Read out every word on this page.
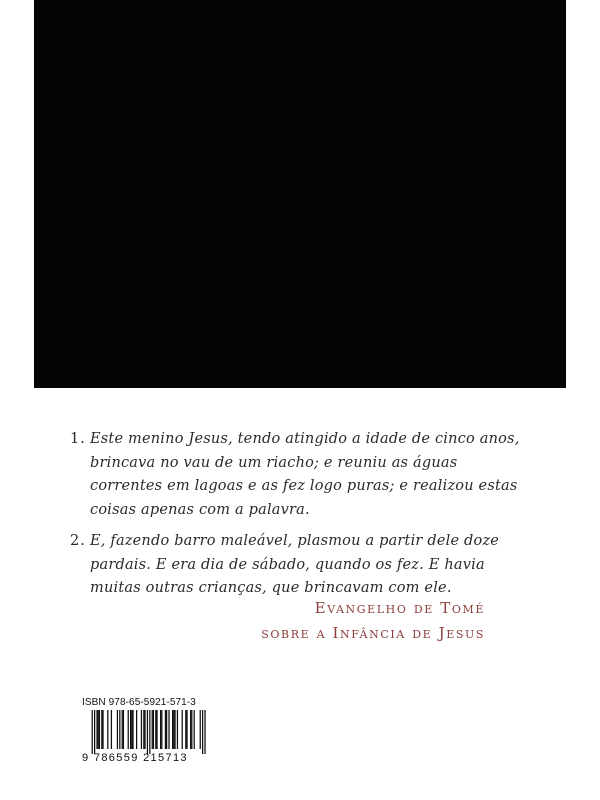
1. Este menino Jesus, tendo atingido a idade de cinco anos, brincava no vau de um riacho; e reuniu as águas correntes em lagoas e as fez logo puras; e realizou estas coisas apenas com a palavra.
2. E, fazendo barro maleável, plasmou a partir dele doze pardais. E era dia de sábado, quando os fez. E havia muitas outras crianças, que brincavam com ele.
Evangelho de Tomé
sobre a Infância de Jesus
ISBN 978-65-5921-571-3
9 786559 215713
